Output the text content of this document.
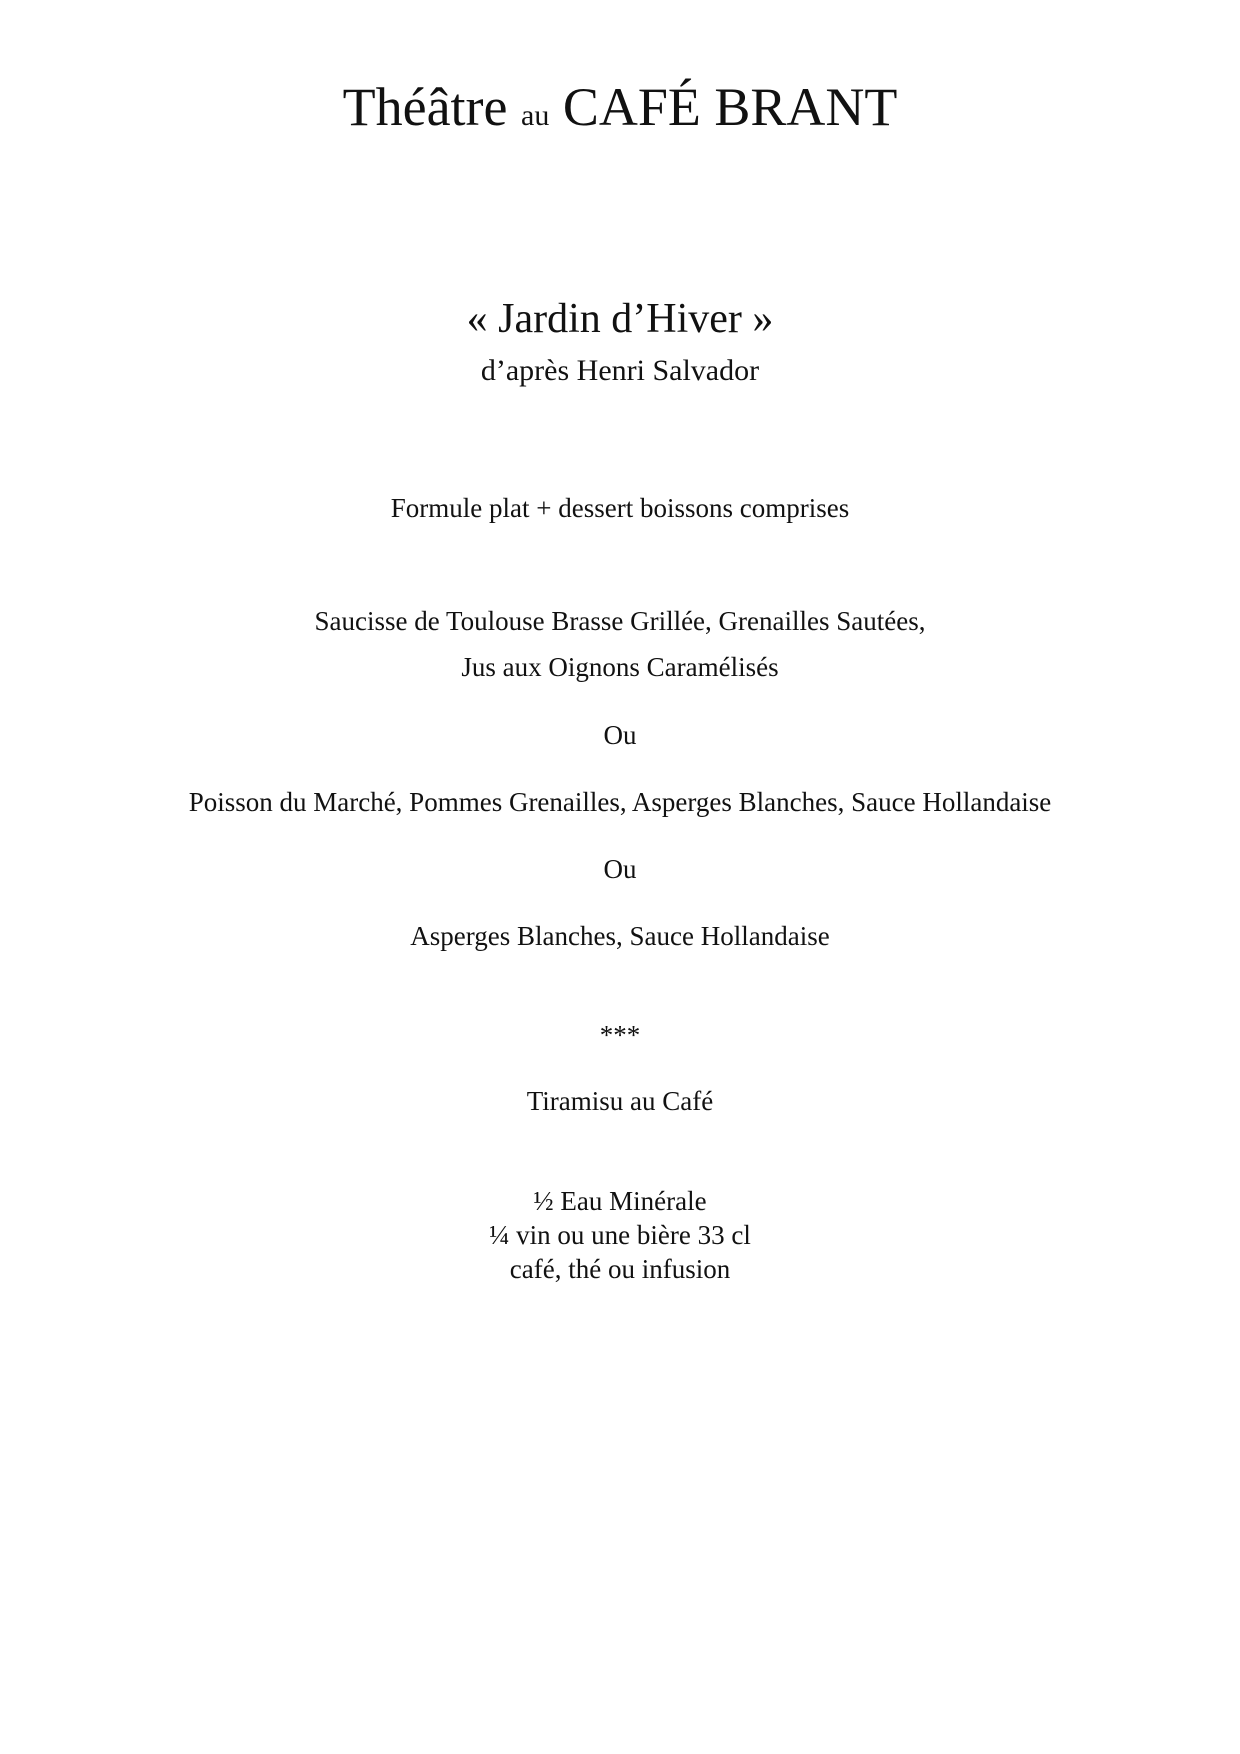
Théâtre au CAFÉ BRANT
« Jardin d’Hiver »
d’après Henri Salvador
Formule plat + dessert boissons comprises
Saucisse de Toulouse Brasse Grillée, Grenailles Sautées,
Jus aux Oignons Caramélisés
Ou
Poisson du Marché, Pommes Grenailles, Asperges Blanches, Sauce Hollandaise
Ou
Asperges Blanches, Sauce Hollandaise
***
Tiramisu au Café
½ Eau Minérale
¼ vin ou une bière 33 cl
café, thé ou infusion
